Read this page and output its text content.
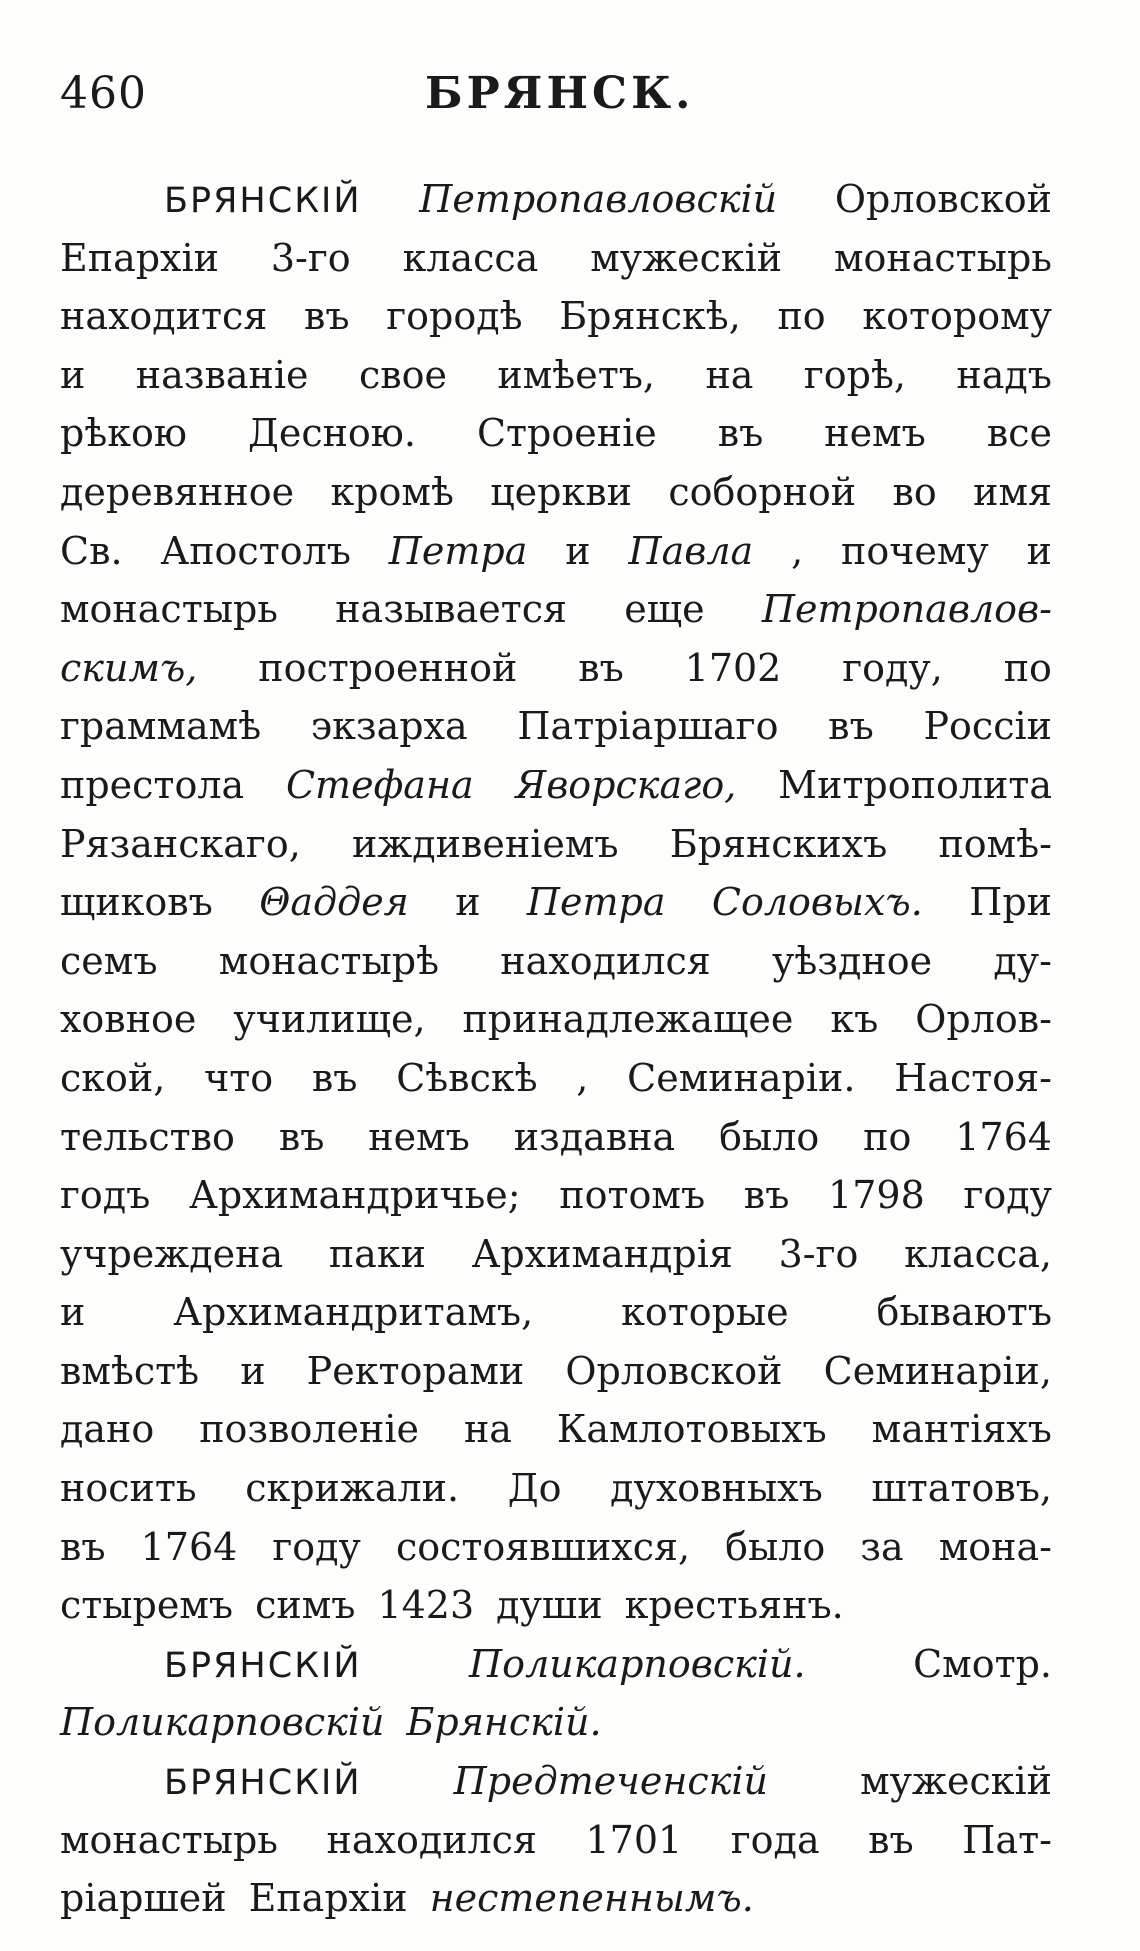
460	БРЯНСК.
БРЯНСКІЙ Петропавловскій Орловской
Епархіи 3-го класса мужескій монастырь
находится въ городѣ Брянскѣ, по которому
и названіе свое имѣетъ, на горѣ, надъ
рѣкою Десною. Строеніе въ немъ все
деревянное кромѣ церкви соборной во имя
Св. Апостолъ Петра и Павла , почему и
монастырь называется еще Петропавлов-
скимъ, построенной въ 1702 году, по
граммамѣ экзарха Патріаршаго въ Россіи
престола Стефана Яворскаго, Митрополита
Рязанскаго, иждивеніемъ Брянскихъ помѣ-
щиковъ Θаддея и Петра Соловыхъ. При
семъ монастырѣ находился уѣздное ду-
ховное училище, принадлежащее къ Орлов-
ской, что въ Сѣвскѣ , Семинаріи. Настоя-
тельство въ немъ издавна было по 1764
годъ Архимандричье; потомъ въ 1798 году
учреждена паки Архимандрія 3-го класса,
и Архимандритамъ, которые бываютъ
вмѣстѣ и Ректорами Орловской Семинаріи,
дано позволеніе на Камлотовыхъ мантіяхъ
носить скрижали. До духовныхъ штатовъ,
въ 1764 году состоявшихся, было за мона-
стыремъ симъ 1423 души крестьянъ.
БРЯНСКІЙ	Поликарповскій.	Смотр.
Поликарповскій Брянскій.
БРЯНСКІЙ Предтеченскій мужескій
монастырь находился 1701 года въ Пат-
ріаршей Епархіи нестепеннымъ.
